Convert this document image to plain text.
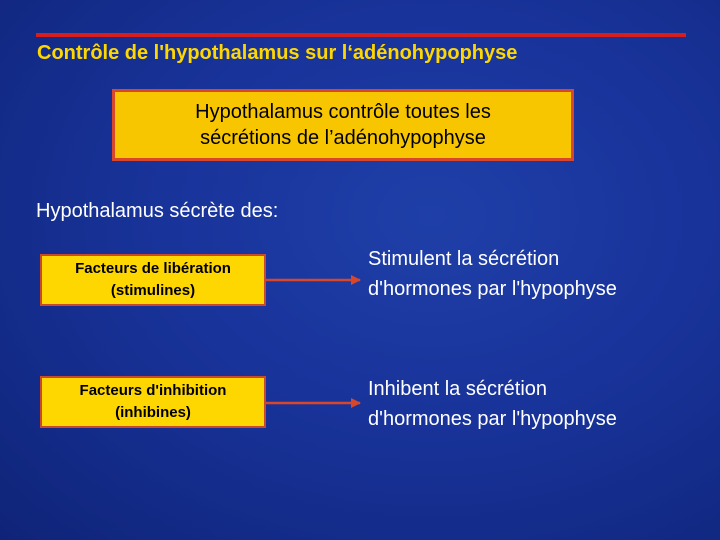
Contrôle de l'hypothalamus sur l‘adénohypophyse
Hypothalamus contrôle toutes les
sécrétions de l’adénohypophyse
Hypothalamus sécrète des:
Facteurs de libération
(stimulines)
Facteurs d'inhibition
(inhibines)
Stimulent la sécrétion
d'hormones par l'hypophyse
Inhibent la sécrétion
d'hormones par l'hypophyse
